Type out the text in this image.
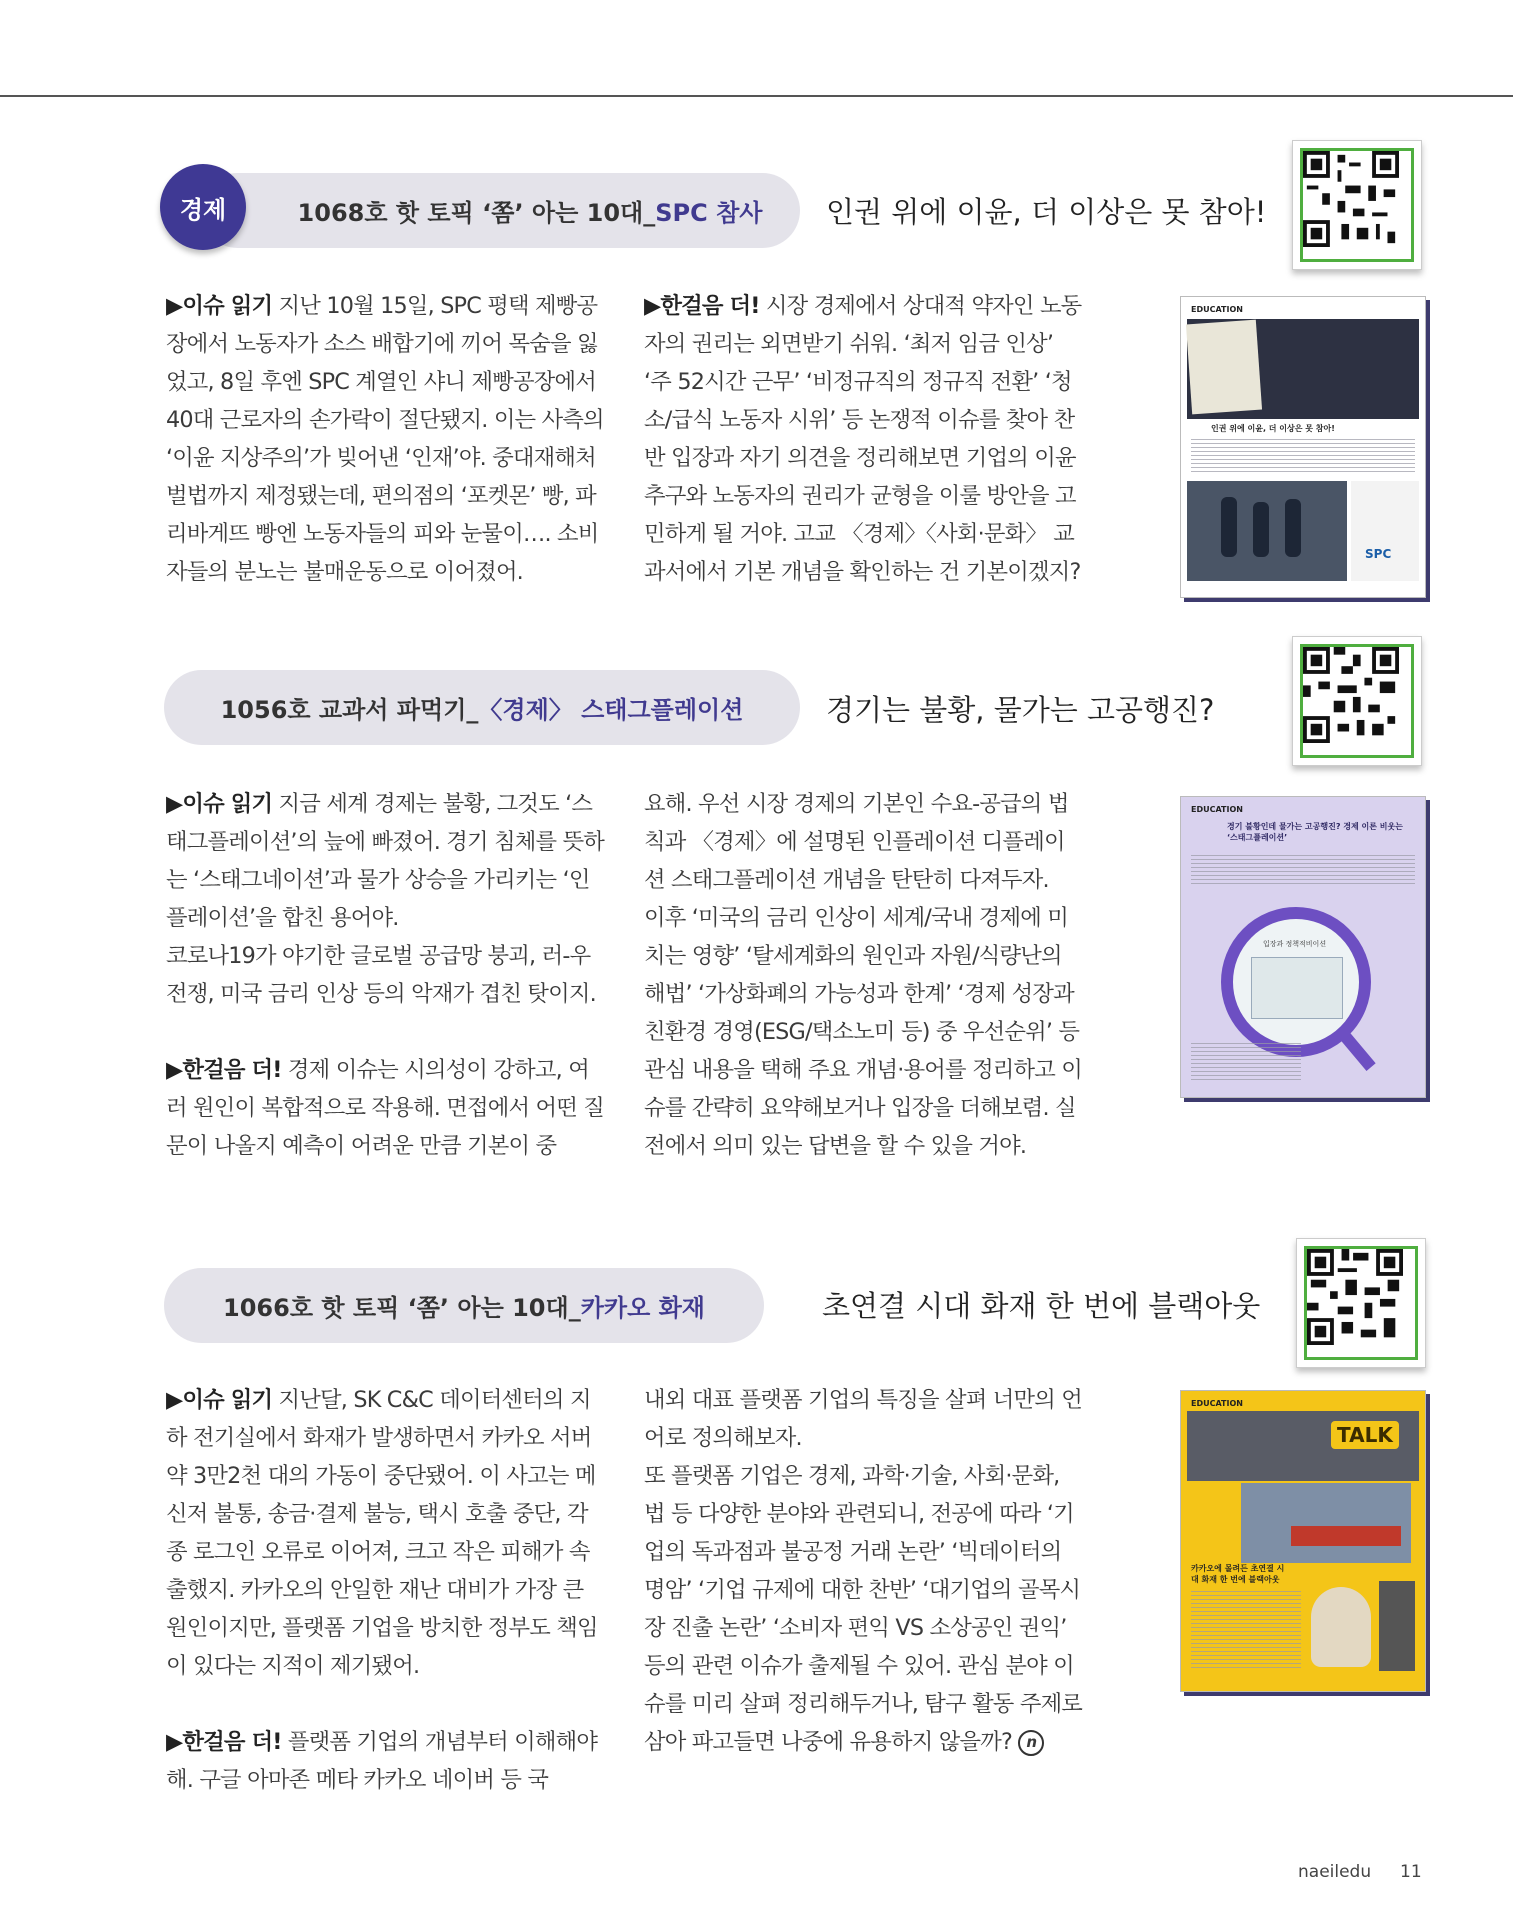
1068호 핫 토픽 ‘쫌’ 아는 10대_ SPC 참사
경제	인권 위에 이윤, 더 이상은 못 참아!

▶이슈 읽기 지난 10월 15일, SPC 평택 제빵공장에서 노동자가 소스 배합기에 끼어 목숨을 잃었고, 8일 후엔 SPC 계열인 샤니 제빵공장에서 40대 근로자의 손가락이 절단됐지. 이는 사측의 ‘이윤 지상주의’가 빚어낸 ‘인재’야. 중대재해처벌법까지 제정됐는데, 편의점의 ‘포켓몬’ 빵, 파리바게뜨 빵엔 노동자들의 피와 눈물이…. 소비자들의 분노는 불매운동으로 이어졌어.

▶한걸음 더! 시장 경제에서 상대적 약자인 노동자의 권리는 외면받기 쉬워. ‘최저 임금 인상’ ‘주 52시간 근무’ ‘비정규직의 정규직 전환’ ‘청소/급식 노동자 시위’ 등 논쟁적 이슈를 찾아 찬반 입장과 자기 의견을 정리해보면 기업의 이윤 추구와 노동자의 권리가 균형을 이룰 방안을 고민하게 될 거야. 고교 〈경제〉〈사회·문화〉 교과서에서 기본 개념을 확인하는 건 기본이겠지?

EDUCATION
인권 위에 이윤, 더 이상은 못 참아!
SPC
1056호 교과서 파먹기_ 〈경제〉 스태그플레이션	경기는 불황, 물가는 고공행진?

▶이슈 읽기 지금 세계 경제는 불황, 그것도 ‘스태그플레이션’의 늪에 빠졌어. 경기 침체를 뜻하는 ‘스태그네이션’과 물가 상승을 가리키는 ‘인플레이션’을 합친 용어야.

코로나19가 야기한 글로벌 공급망 붕괴, 러-우 전쟁, 미국 금리 인상 등의 악재가 겹친 탓이지.

▶한걸음 더! 경제 이슈는 시의성이 강하고, 여러 원인이 복합적으로 작용해. 면접에서 어떤 질문이 나올지 예측이 어려운 만큼 기본이 중

요해. 우선 시장 경제의 기본인 수요-공급의 법칙과 〈경제〉에 설명된 인플레이션 디플레이션 스태그플레이션 개념을 탄탄히 다져두자.

이후 ‘미국의 금리 인상이 세계/국내 경제에 미치는 영향’ ‘탈세계화의 원인과 자원/식량난의 해법’ ‘가상화폐의 가능성과 한계’ ‘경제 성장과 친환경 경영(ESG/택소노미 등) 중 우선순위’ 등 관심 내용을 택해 주요 개념·용어를 정리하고 이슈를 간략히 요약해보거나 입장을 더해보렴. 실전에서 의미 있는 답변을 할 수 있을 거야.

EDUCATION
경기 불황인데 물가는 고공행진? 경제 이론 비웃는 ‘스태그플레이션’
입장과 정책적비이션
1066호 핫 토픽 ‘쫌’ 아는 10대_ 카카오 화재	초연결 시대 화재 한 번에 블랙아웃

▶이슈 읽기 지난달, SK C&C 데이터센터의 지하 전기실에서 화재가 발생하면서 카카오 서버 약 3만2천 대의 가동이 중단됐어. 이 사고는 메신저 불통, 송금·결제 불능, 택시 호출 중단, 각종 로그인 오류로 이어져, 크고 작은 피해가 속출했지. 카카오의 안일한 재난 대비가 가장 큰 원인이지만, 플랫폼 기업을 방치한 정부도 책임이 있다는 지적이 제기됐어.

▶한걸음 더! 플랫폼 기업의 개념부터 이해해야 해. 구글 아마존 메타 카카오 네이버 등 국

내외 대표 플랫폼 기업의 특징을 살펴 너만의 언어로 정의해보자.

또 플랫폼 기업은 경제, 과학·기술, 사회·문화, 법 등 다양한 분야와 관련되니, 전공에 따라 ‘기업의 독과점과 불공정 거래 논란’ ‘빅데이터의 명암’ ‘기업 규제에 대한 찬반’ ‘대기업의 골목시장 진출 논란’ ‘소비자 편익 VS 소상공인 권익’ 등의 관련 이슈가 출제될 수 있어. 관심 분야 이슈를 미리 살펴 정리해두거나, 탐구 활동 주제로 삼아 파고들면 나중에 유용하지 않을까? n

EDUCATION
TALK
카카오에 몰려든 초연결 시대 화재 한 번에 블랙아웃
naeiledu 11
